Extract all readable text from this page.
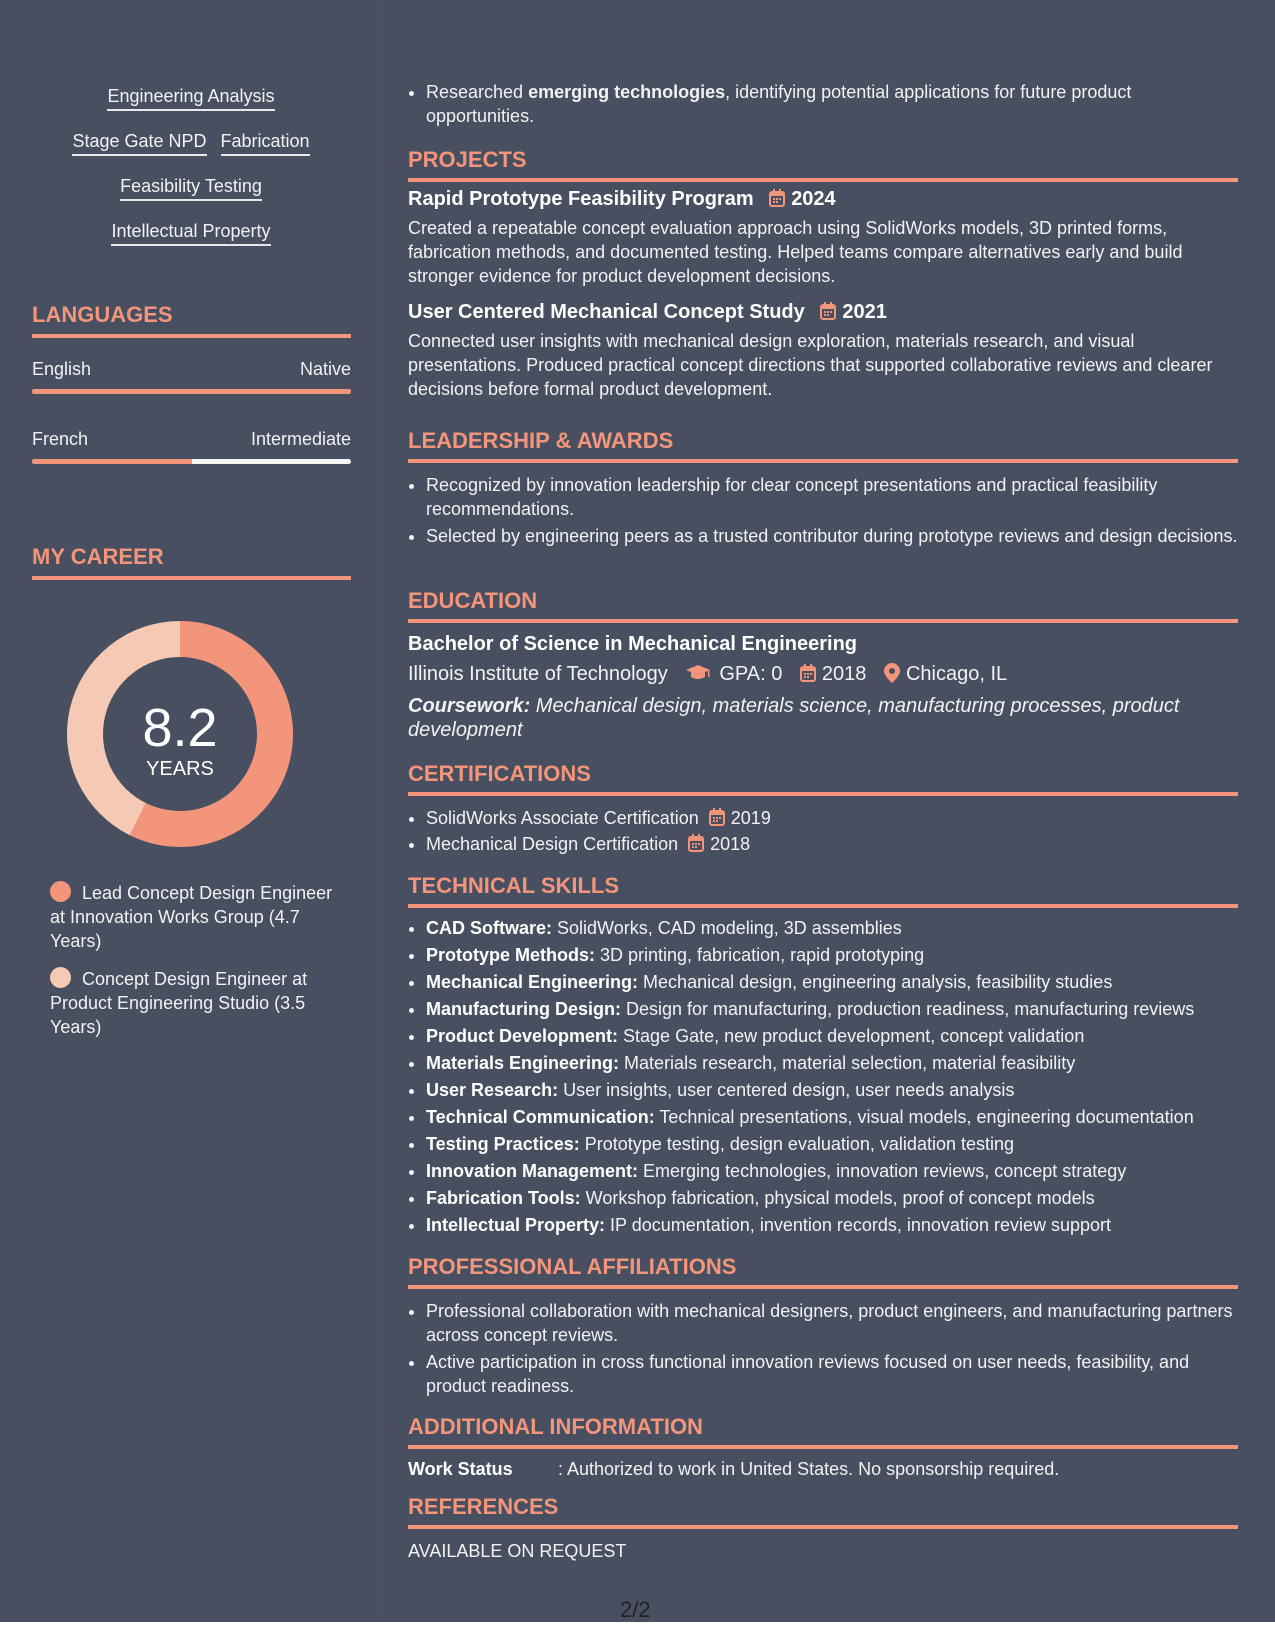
Engineering Analysis
Stage Gate NPD Fabrication
Feasibility Testing
Intellectual Property
LANGUAGES
English	Native
French	Intermediate
MY CAREER
8.2
YEARS
Lead Concept Design Engineer at Innovation Works Group (4.7 Years)
Concept Design Engineer at Product Engineering Studio (3.5 Years)
• Researched emerging technologies, identifying potential applications for future product opportunities.
PROJECTS
Rapid Prototype Feasibility Program 2024
Created a repeatable concept evaluation approach using SolidWorks models, 3D printed forms, fabrication methods, and documented testing. Helped teams compare alternatives early and build stronger evidence for product development decisions.
User Centered Mechanical Concept Study 2021
Connected user insights with mechanical design exploration, materials research, and visual presentations. Produced practical concept directions that supported collaborative reviews and clearer decisions before formal product development.
LEADERSHIP & AWARDS
• Recognized by innovation leadership for clear concept presentations and practical feasibility recommendations.
• Selected by engineering peers as a trusted contributor during prototype reviews and design decisions.
EDUCATION
Bachelor of Science in Mechanical Engineering
Illinois Institute of Technology	GPA: 0 2018 Chicago, IL
Coursework: Mechanical design, materials science, manufacturing processes, product development
CERTIFICATIONS
• SolidWorks Associate Certification 2019
• Mechanical Design Certification 2018
TECHNICAL SKILLS
• CAD Software: SolidWorks, CAD modeling, 3D assemblies
• Prototype Methods: 3D printing, fabrication, rapid prototyping
• Mechanical Engineering: Mechanical design, engineering analysis, feasibility studies
• Manufacturing Design: Design for manufacturing, production readiness, manufacturing reviews
• Product Development: Stage Gate, new product development, concept validation
• Materials Engineering: Materials research, material selection, material feasibility
• User Research: User insights, user centered design, user needs analysis
• Technical Communication: Technical presentations, visual models, engineering documentation
• Testing Practices: Prototype testing, design evaluation, validation testing
• Innovation Management: Emerging technologies, innovation reviews, concept strategy
• Fabrication Tools: Workshop fabrication, physical models, proof of concept models
• Intellectual Property: IP documentation, invention records, innovation review support
PROFESSIONAL AFFILIATIONS
• Professional collaboration with mechanical designers, product engineers, and manufacturing partners across concept reviews.
• Active participation in cross functional innovation reviews focused on user needs, feasibility, and product readiness.
ADDITIONAL INFORMATION
Work Status	: Authorized to work in United States. No sponsorship required.
REFERENCES
AVAILABLE ON REQUEST
2/2
